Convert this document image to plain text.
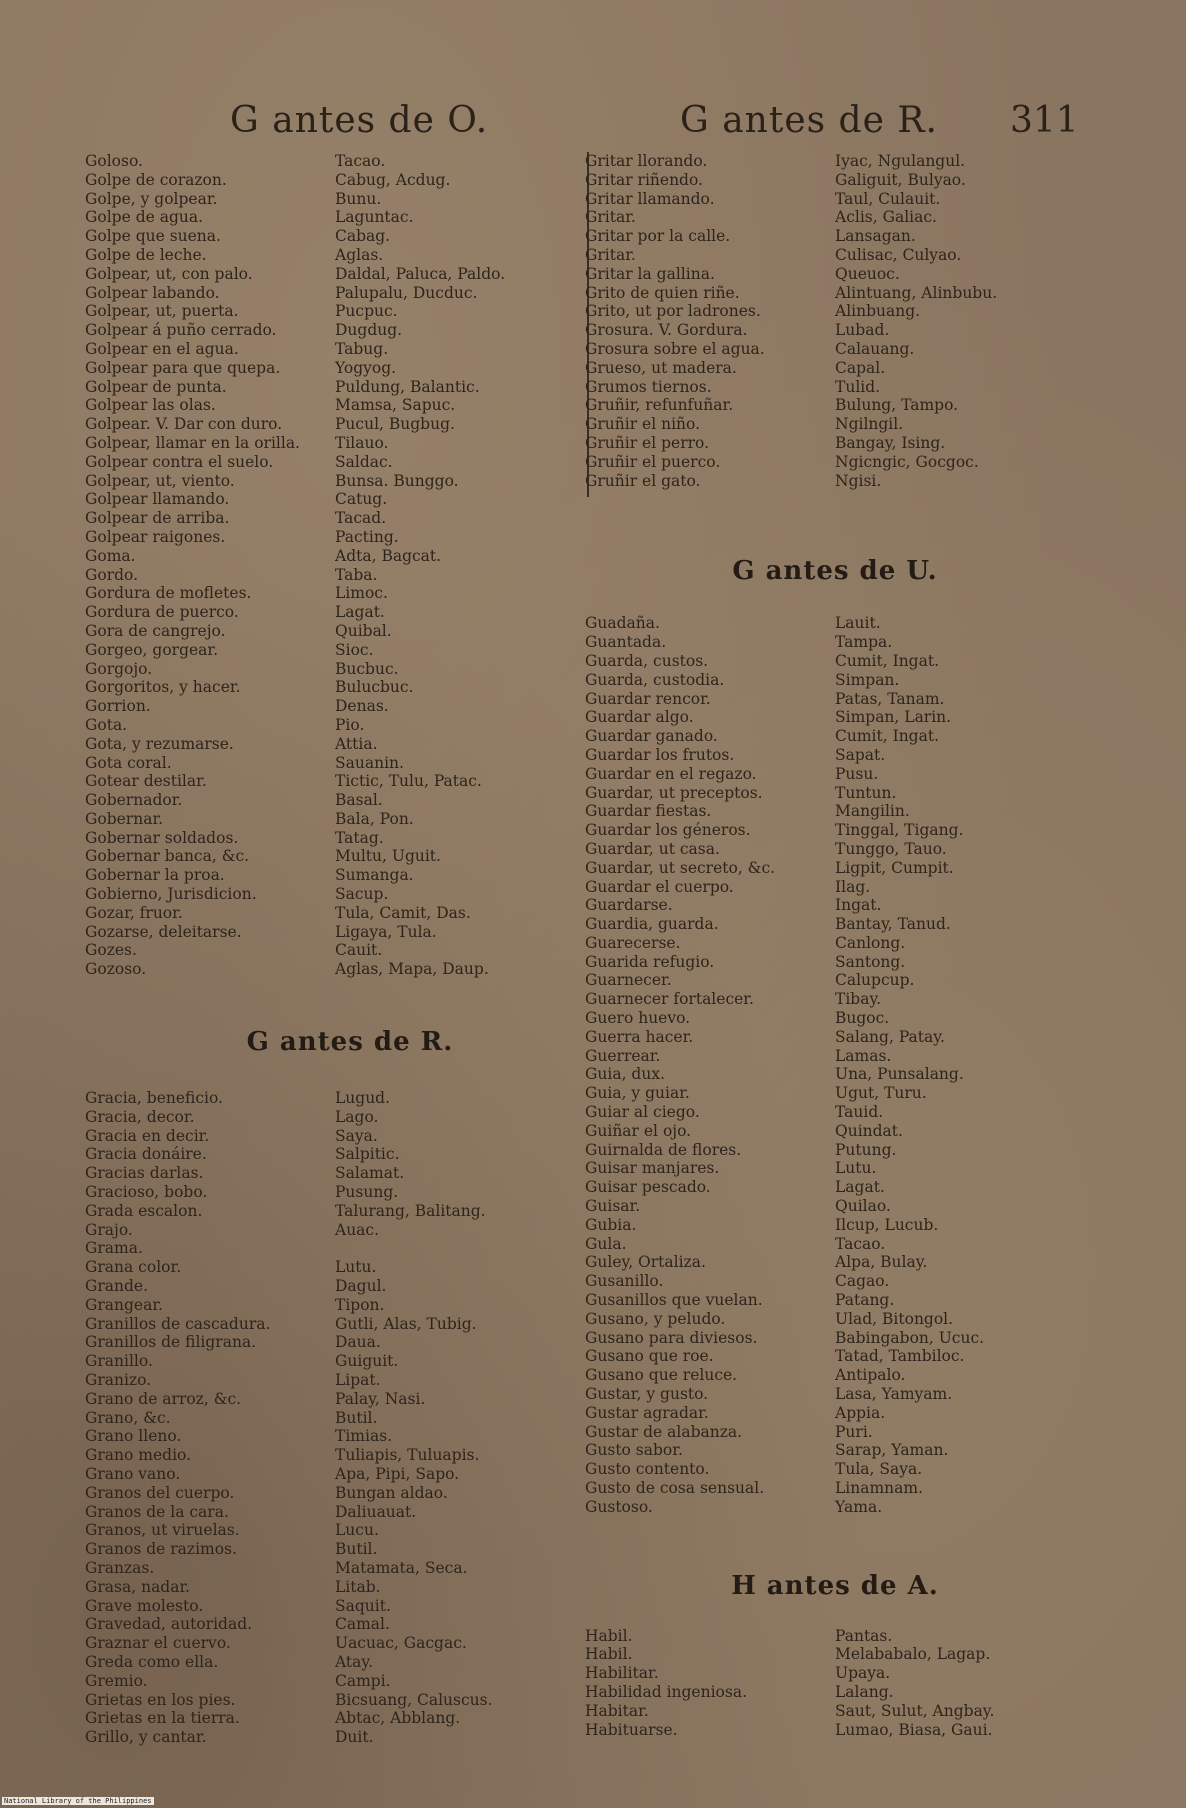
G antes de O.	G antes de R. 311
Goloso.	Tacao.
Golpe de corazon.	Cabug, Acdug.
Golpe, y golpear.	Bunu.
Golpe de agua.	Laguntac.
Golpe que suena.	Cabag.
Golpe de leche.	Aglas.
Golpear, ut, con palo.	Daldal, Paluca, Paldo.
Golpear labando.	Palupalu, Ducduc.
Golpear, ut, puerta.	Pucpuc.
Golpear á puño cerrado.	Dugdug.
Golpear en el agua.	Tabug.
Golpear para que quepa.	Yogyog.
Golpear de punta.	Puldung, Balantic.
Golpear las olas.	Mamsa, Sapuc.
Golpear. V. Dar con duro.	Pucul, Bugbug.
Golpear, llamar en la orilla. Tilauo.
Golpear contra el suelo.	Saldac.
Golpear, ut, viento.	Bunsa. Bunggo.
Golpear llamando.	Catug.
Golpear de arriba.	Tacad.
Golpear raigones.	Pacting.
Goma.	Adta, Bagcat.
Gordo.	Taba.
Gordura de mofletes.	Limoc.
Gordura de puerco.	Lagat.
Gora de cangrejo.	Quibal.
Gorgeo, gorgear.	Sioc.
Gorgojo.	Bucbuc.
Gorgoritos, y hacer.	Bulucbuc.
Gorrion.	Denas.
Gota.	Pio.
Gota, y rezumarse.	Attia.
Gota coral.	Sauanin.
Gotear destilar.	Tictic, Tulu, Patac.
Gobernador.	Basal.
Gobernar.	Bala, Pon.
Gobernar soldados.	Tatag.
Gobernar banca, &c.	Multu, Uguit.
Gobernar la proa.	Sumanga.
Gobierno, Jurisdicion.	Sacup.
Gozar, fruor.	Tula, Camit, Das.
Gozarse, deleitarse.	Ligaya, Tula.
Gozes.	Cauit.
Gozoso.	Aglas, Mapa, Daup.
G antes de R.
Gracia, beneficio.	Lugud.
Gracia, decor.	Lago.
Gracia en decir.	Saya.
Gracia donáire.	Salpitic.
Gracias darlas.	Salamat.
Gracioso, bobo.	Pusung.
Grada escalon.	Talurang, Balitang.
Grajo.	Auac.
Grama.
Grana color.	Lutu.
Grande.	Dagul.
Grangear.	Tipon.
Granillos de cascadura.	Gutli, Alas, Tubig.
Granillos de filigrana.	Daua.
Granillo.	Guiguit.
Granizo.	Lipat.
Grano de arroz, &c.	Palay, Nasi.
Grano, &c.	Butil.
Grano lleno.	Timias.
Grano medio.	Tuliapis, Tuluapis.
Grano vano.	Apa, Pipi, Sapo.
Granos del cuerpo.	Bungan aldao.
Granos de la cara.	Daliuauat.
Granos, ut viruelas.	Lucu.
Granos de razimos.	Butil.
Granzas.	Matamata, Seca.
Grasa, nadar.	Litab.
Grave molesto.	Saquit.
Gravedad, autoridad.	Camal.
Graznar el cuervo.	Uacuac, Gacgac.
Greda como ella.	Atay.
Gremio.	Campi.
Grietas en los pies.	Bicsuang, Caluscus.
Grietas en la tierra.	Abtac, Abblang.
Grillo, y cantar.	Duit.
Gritar llorando.	Iyac, Ngulangul.
Gritar riñendo.	Galiguit, Bulyao.
Gritar llamando.	Taul, Culauit.
Gritar.	Aclis, Galiac.
Gritar por la calle.	Lansagan.
Gritar.	Culisac, Culyao.
Gritar la gallina.	Queuoc.
Grito de quien riñe.	Alintuang, Alinbubu.
Grito, ut por ladrones.	Alinbuang.
Grosura. V. Gordura.	Lubad.
Grosura sobre el agua.	Calauang.
Grueso, ut madera.	Capal.
Grumos tiernos.	Tulid.
Gruñir, refunfuñar.	Bulung, Tampo.
Gruñir el niño.	Ngilngil.
Gruñir el perro.	Bangay, Ising.
Gruñir el puerco.	Ngicngic, Gocgoc.
Gruñir el gato.	Ngisi.
G antes de U.
Guadaña.	Lauit.
Guantada.	Tampa.
Guarda, custos.	Cumit, Ingat.
Guarda, custodia.	Simpan.
Guardar rencor.	Patas, Tanam.
Guardar algo.	Simpan, Larin.
Guardar ganado.	Cumit, Ingat.
Guardar los frutos.	Sapat.
Guardar en el regazo.	Pusu.
Guardar, ut preceptos.	Tuntun.
Guardar fiestas.	Mangilin.
Guardar los géneros.	Tinggal, Tigang.
Guardar, ut casa.	Tunggo, Tauo.
Guardar, ut secreto, &c.	Ligpit, Cumpit.
Guardar el cuerpo.	Ilag.
Guardarse.	Ingat.
Guardia, guarda.	Bantay, Tanud.
Guarecerse.	Canlong.
Guarida refugio.	Santong.
Guarnecer.	Calupcup.
Guarnecer fortalecer.	Tibay.
Guero huevo.	Bugoc.
Guerra hacer.	Salang, Patay.
Guerrear.	Lamas.
Guia, dux.	Una, Punsalang.
Guia, y guiar.	Ugut, Turu.
Guiar al ciego.	Tauid.
Guiñar el ojo.	Quindat.
Guirnalda de flores.	Putung.
Guisar manjares.	Lutu.
Guisar pescado.	Lagat.
Guisar.	Quilao.
Gubia.	Ilcup, Lucub.
Gula.	Tacao.
Guley, Ortaliza.	Alpa, Bulay.
Gusanillo.	Cagao.
Gusanillos que vuelan.	Patang.
Gusano, y peludo.	Ulad, Bitongol.
Gusano para diviesos.	Babingabon, Ucuc.
Gusano que roe.	Tatad, Tambiloc.
Gusano que reluce.	Antipalo.
Gustar, y gusto.	Lasa, Yamyam.
Gustar agradar.	Appia.
Gustar de alabanza.	Puri.
Gusto sabor.	Sarap, Yaman.
Gusto contento.	Tula, Saya.
Gusto de cosa sensual.	Linamnam.
Gustoso.	Yama.
H antes de A.
Habil.	Pantas.
Habil.	Melababalo, Lagap.
Habilitar.	Upaya.
Habilidad ingeniosa.	Lalang.
Habitar.	Saut, Sulut, Angbay.
Habituarse.	Lumao, Biasa, Gaui.
National Library of the Philippines
